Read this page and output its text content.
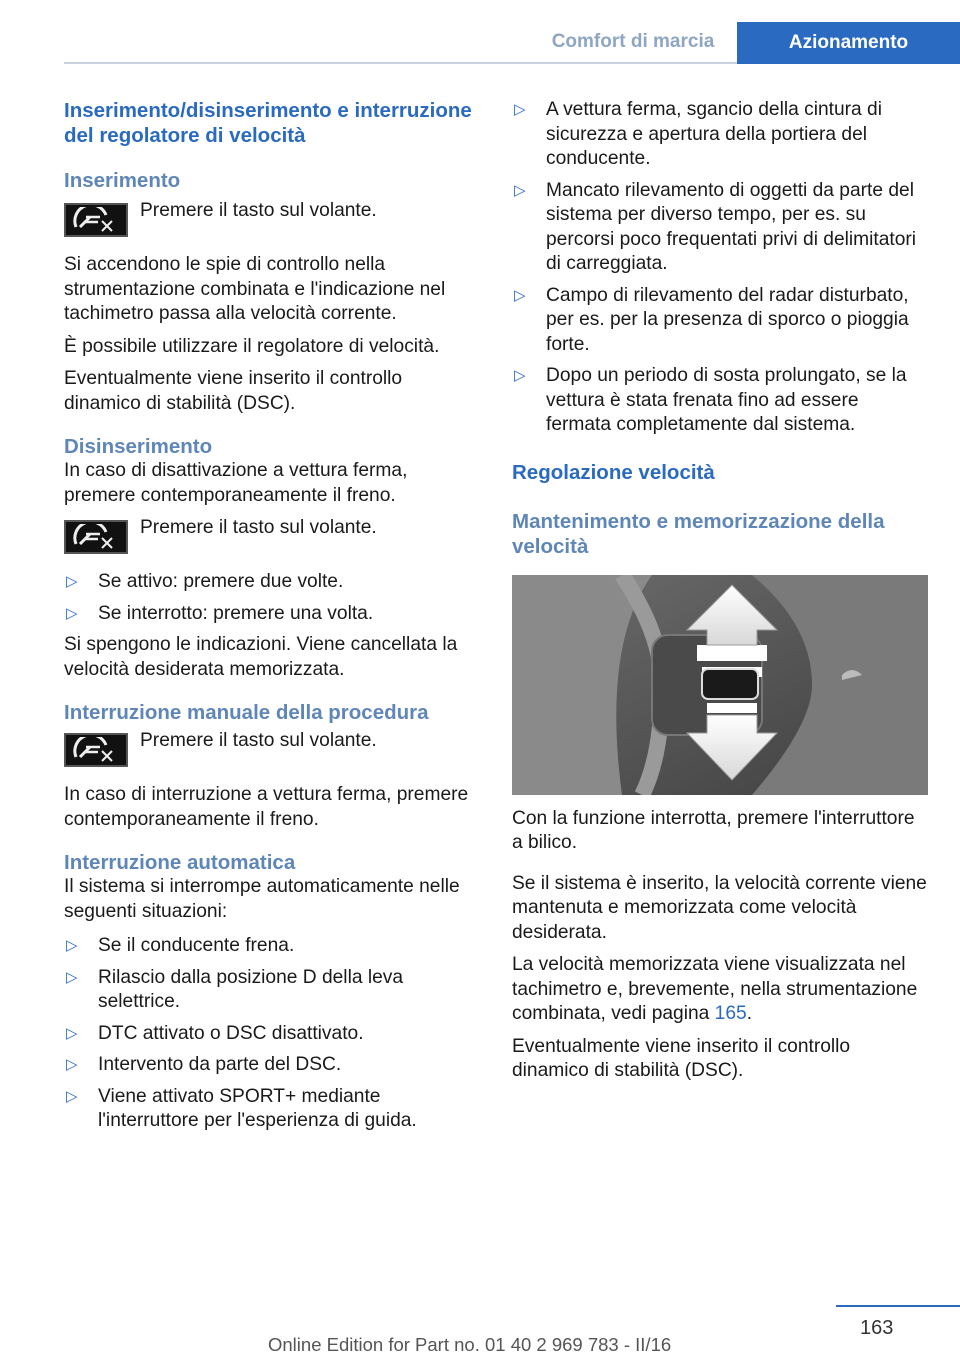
Comfort di marcia	Azionamento
Inserimento/disinserimento e interruzione del regolatore di velocità
Inserimento

Premere il tasto sul volante.

Si accendono le spie di controllo nella strumentazione combinata e l'indicazione nel tachimetro passa alla velocità corrente.

È possibile utilizzare il regolatore di velocità.

Eventualmente viene inserito il controllo dinamico di stabilità (DSC).

Disinserimento

In caso di disattivazione a vettura ferma, premere contemporaneamente il freno.

Premere il tasto sul volante.

▷ Se attivo: premere due volte.
▷ Se interrotto: premere una volta.

Si spengono le indicazioni. Viene cancellata la velocità desiderata memorizzata.

Interruzione manuale della procedura

Premere il tasto sul volante.

In caso di interruzione a vettura ferma, premere contemporaneamente il freno.

Interruzione automatica

Il sistema si interrompe automaticamente nelle seguenti situazioni:

▷ Se il conducente frena.
▷ Rilascio dalla posizione D della leva selettrice.
▷ DTC attivato o DSC disattivato.
▷ Intervento da parte del DSC.
▷ Viene attivato SPORT+ mediante l'interruttore per l'esperienza di guida.
▷ A vettura ferma, sgancio della cintura di sicurezza e apertura della portiera del conducente.
▷ Mancato rilevamento di oggetti da parte del sistema per diverso tempo, per es. su percorsi poco frequentati privi di delimitatori di carreggiata.
▷ Campo di rilevamento del radar disturbato, per es. per la presenza di sporco o pioggia forte.
▷ Dopo un periodo di sosta prolungato, se la vettura è stata frenata fino ad essere fermata completamente dal sistema.
Regolazione velocità
Mantenimento e memorizzazione della velocità

Con la funzione interrotta, premere l'interruttore a bilico.

Se il sistema è inserito, la velocità corrente viene mantenuta e memorizzata come velocità desiderata.

La velocità memorizzata viene visualizzata nel tachimetro e, brevemente, nella strumentazione combinata, vedi pagina 165.

Eventualmente viene inserito il controllo dinamico di stabilità (DSC).

163
Online Edition for Part no. 01 40 2 969 783 - II/16
